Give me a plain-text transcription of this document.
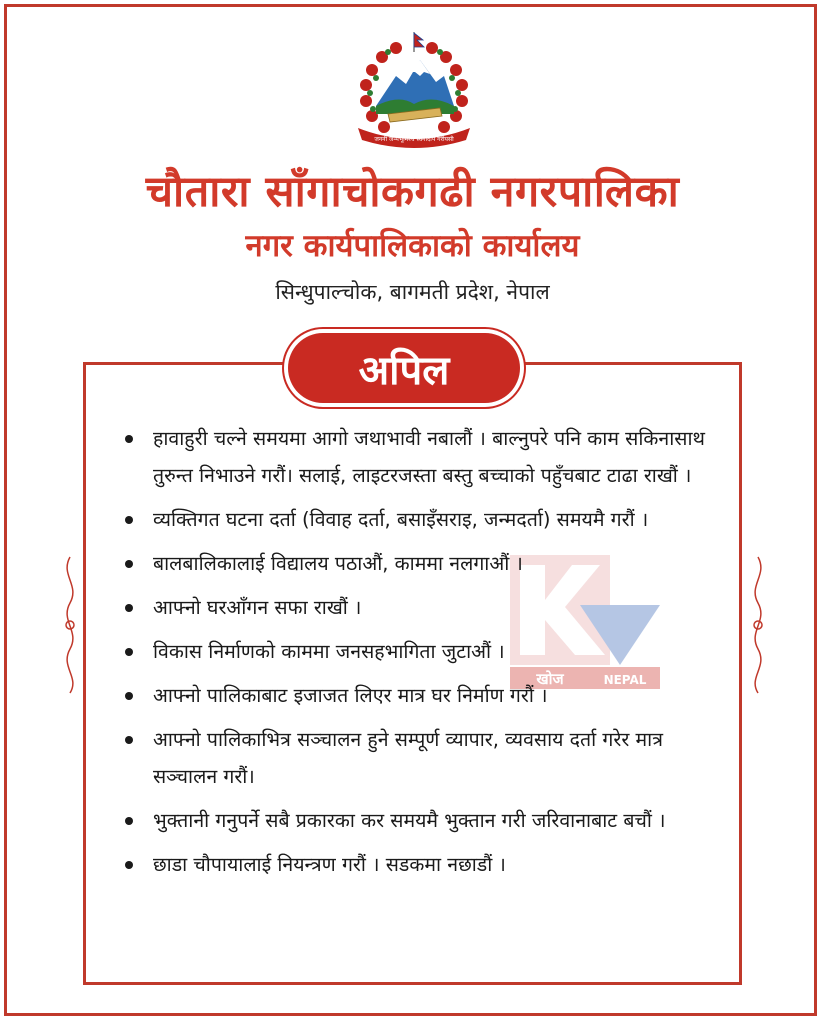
जननी जन्मभूमिश्च स्वर्गादपि गरीयसी
चौतारा साँगाचोकगढी नगरपालिका
नगर कार्यपालिकाको कार्यालय
सिन्धुपाल्चोक, बागमती प्रदेश, नेपाल
खोज	NEPAL
अपिल
हावाहुरी चल्ने समयमा आगो जथाभावी नबालौं । बाल्नुपरे पनि काम सकिनासाथ तुरुन्त निभाउने गरौं। सलाई, लाइटरजस्ता बस्तु बच्चाको पहुँचबाट टाढा राखौं ।
व्यक्तिगत घटना दर्ता (विवाह दर्ता, बसाइँसराइ, जन्मदर्ता) समयमै गरौं ।
बालबालिकालाई विद्यालय पठाऔं, काममा नलगाऔं ।
आफ्नो घरआँगन सफा राखौं ।
विकास निर्माणको काममा जनसहभागिता जुटाऔं ।
आफ्नो पालिकाबाट इजाजत लिएर मात्र घर निर्माण गरौं ।
आफ्नो पालिकाभित्र सञ्चालन हुने सम्पूर्ण व्यापार, व्यवसाय दर्ता गरेर मात्र सञ्चालन गरौं।
भुक्तानी गनुपर्ने सबै प्रकारका कर समयमै भुक्तान गरी जरिवानाबाट बचौं ।
छाडा चौपायालाई नियन्त्रण गरौं । सडकमा नछाडौं ।
